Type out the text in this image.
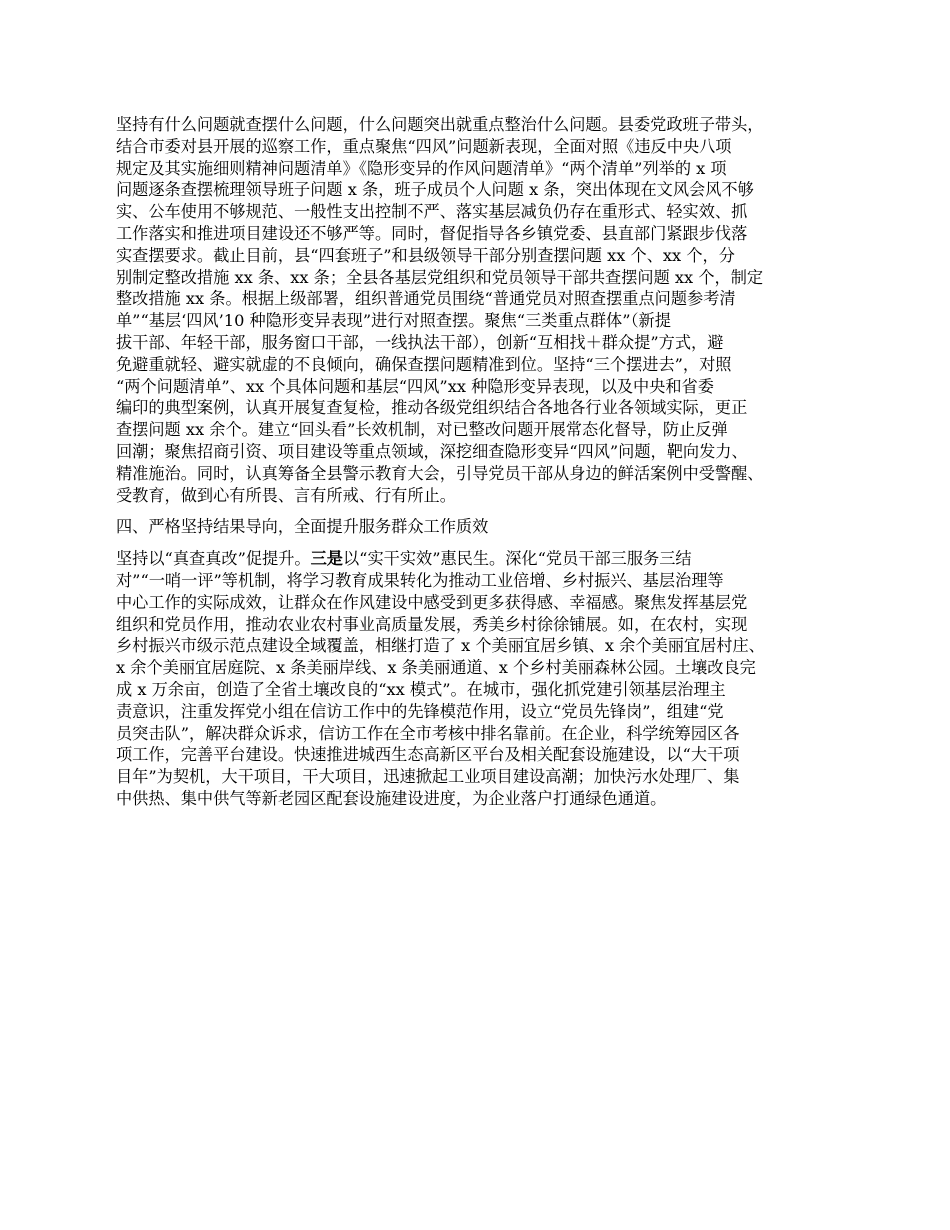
坚持有什么问题就查摆什么问题，什么问题突出就重点整治什么问题。县委党政班子带头，
结合市委对县开展的巡察工作，重点聚焦“四风”问题新表现，全面对照《违反中央八项
规定及其实施细则精神问题清单》《隐形变异的作风问题清单》“两个清单”列举的 x 项
问题逐条查摆梳理领导班子问题 x 条，班子成员个人问题 x 条，突出体现在文风会风不够
实、公车使用不够规范、一般性支出控制不严、落实基层减负仍存在重形式、轻实效、抓
工作落实和推进项目建设还不够严等。同时，督促指导各乡镇党委、县直部门紧跟步伐落
实查摆要求。截止目前，县“四套班子”和县级领导干部分别查摆问题 xx 个、xx 个，分
别制定整改措施 xx 条、xx 条；全县各基层党组织和党员领导干部共查摆问题 xx 个，制定
整改措施 xx 条。根据上级部署，组织普通党员围绕“普通党员对照查摆重点问题参考清
单”“基层‘四风’10 种隐形变异表现”进行对照查摆。聚焦“三类重点群体”（新提
拔干部、年轻干部，服务窗口干部，一线执法干部），创新“互相找＋群众提”方式，避
免避重就轻、避实就虚的不良倾向，确保查摆问题精准到位。坚持“三个摆进去”，对照
“两个问题清单”、xx 个具体问题和基层“四风”xx 种隐形变异表现，以及中央和省委
编印的典型案例，认真开展复查复检，推动各级党组织结合各地各行业各领域实际，更正
查摆问题 xx 余个。建立“回头看”长效机制，对已整改问题开展常态化督导，防止反弹
回潮；聚焦招商引资、项目建设等重点领域，深挖细查隐形变异“四风”问题，靶向发力、
精准施治。同时，认真筹备全县警示教育大会，引导党员干部从身边的鲜活案例中受警醒、
受教育，做到心有所畏、言有所戒、行有所止。
四、严格坚持结果导向，全面提升服务群众工作质效
坚持以“真查真改”促提升。三是以“实干实效”惠民生。深化“党员干部三服务三结
对”“一哨一评”等机制，将学习教育成果转化为推动工业倍增、乡村振兴、基层治理等
中心工作的实际成效，让群众在作风建设中感受到更多获得感、幸福感。聚焦发挥基层党
组织和党员作用，推动农业农村事业高质量发展，秀美乡村徐徐铺展。如，在农村，实现
乡村振兴市级示范点建设全域覆盖，相继打造了 x 个美丽宜居乡镇、x 余个美丽宜居村庄、
x 余个美丽宜居庭院、x 条美丽岸线、x 条美丽通道、x 个乡村美丽森林公园。土壤改良完
成 x 万余亩，创造了全省土壤改良的“xx 模式”。在城市，强化抓党建引领基层治理主
责意识，注重发挥党小组在信访工作中的先锋模范作用，设立“党员先锋岗”，组建“党
员突击队”，解决群众诉求，信访工作在全市考核中排名靠前。在企业，科学统筹园区各
项工作，完善平台建设。快速推进城西生态高新区平台及相关配套设施建设，以“大干项
目年”为契机，大干项目，干大项目，迅速掀起工业项目建设高潮；加快污水处理厂、集
中供热、集中供气等新老园区配套设施建设进度，为企业落户打通绿色通道。
